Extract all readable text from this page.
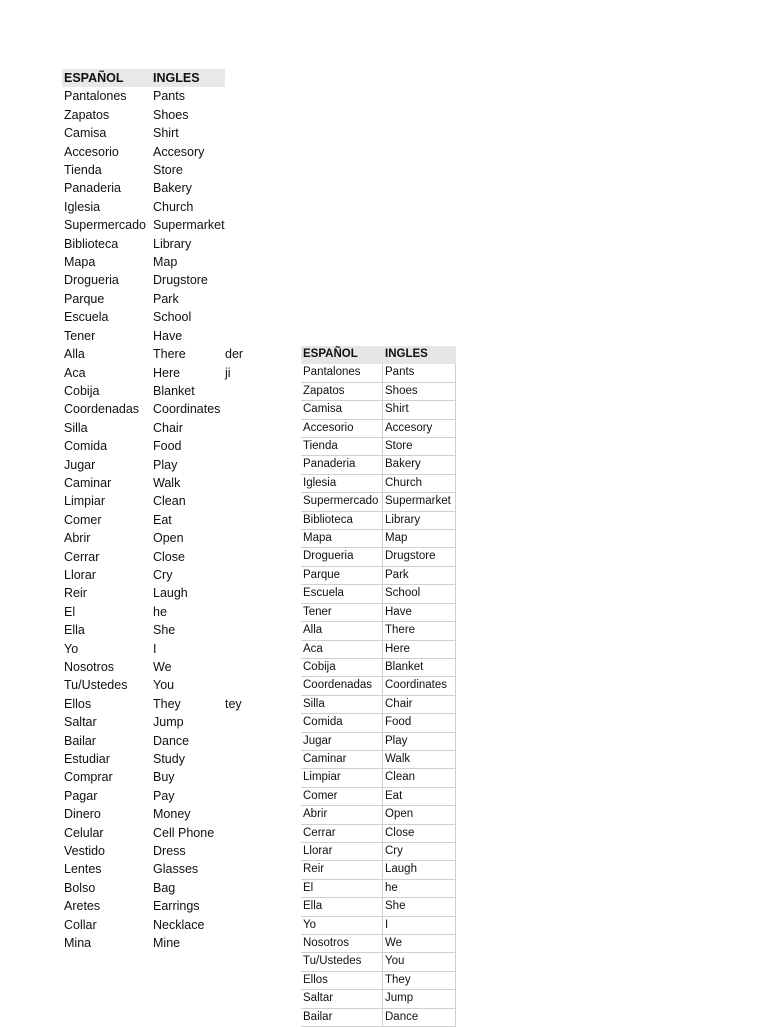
ESPAÑOL	INGLES	
Pantalones	Pants	
Zapatos	Shoes	
Camisa	Shirt	
Accesorio	Accesory	
Tienda	Store	
Panaderia	Bakery	
Iglesia	Church	
Supermercado	Supermarket	
Biblioteca	Library	
Mapa	Map	
Drogueria	Drugstore	
Parque	Park	
Escuela	School	
Tener	Have	
Alla	There	der
Aca	Here	ji
Cobija	Blanket	
Coordenadas	Coordinates	
Silla	Chair	
Comida	Food	
Jugar	Play	
Caminar	Walk	
Limpiar	Clean	
Comer	Eat	
Abrir	Open	
Cerrar	Close	
Llorar	Cry	
Reir	Laugh	
El	he	
Ella	She	
Yo	I	
Nosotros	We	
Tu/Ustedes	You	
Ellos	They	tey
Saltar	Jump	
Bailar	Dance	
Estudiar	Study	
Comprar	Buy	
Pagar	Pay	
Dinero	Money	
Celular	Cell Phone	
Vestido	Dress	
Lentes	Glasses	
Bolso	Bag	
Aretes	Earrings	
Collar	Necklace	
Mina	Mine	
ESPAÑOL	INGLES
Pantalones	Pants
Zapatos	Shoes
Camisa	Shirt
Accesorio	Accesory
Tienda	Store
Panaderia	Bakery
Iglesia	Church
Supermercado	Supermarket
Biblioteca	Library
Mapa	Map
Drogueria	Drugstore
Parque	Park
Escuela	School
Tener	Have
Alla	There
Aca	Here
Cobija	Blanket
Coordenadas	Coordinates
Silla	Chair
Comida	Food
Jugar	Play
Caminar	Walk
Limpiar	Clean
Comer	Eat
Abrir	Open
Cerrar	Close
Llorar	Cry
Reir	Laugh
El	he
Ella	She
Yo	I
Nosotros	We
Tu/Ustedes	You
Ellos	They
Saltar	Jump
Bailar	Dance
